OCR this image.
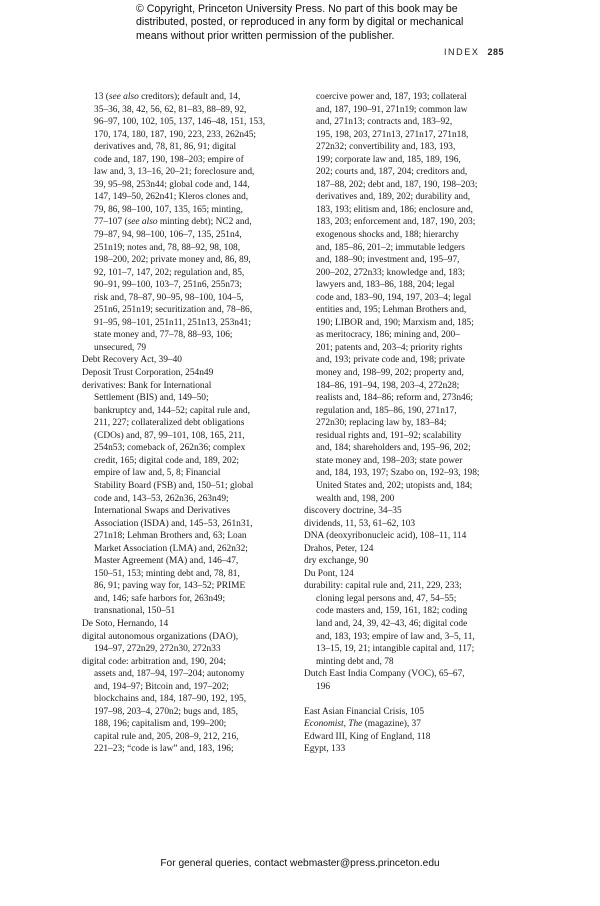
© Copyright, Princeton University Press. No part of this book may be distributed, posted, or reproduced in any form by digital or mechanical means without prior written permission of the publisher.
INDEX 285
13 (see also creditors); default and, 14,
35–36, 38, 42, 56, 62, 81–83, 88–89, 92,
96–97, 100, 102, 105, 137, 146–48, 151, 153,
170, 174, 180, 187, 190, 223, 233, 262n45;
derivatives and, 78, 81, 86, 91; digital
code and, 187, 190, 198–203; empire of
law and, 3, 13–16, 20–21; foreclosure and,
39, 95–98, 253n44; global code and, 144,
147, 149–50, 262n41; Kleros clones and,
79, 86, 98–100, 107, 135, 165; minting,
77–107 (see also minting debt); NC2 and,
79–87, 94, 98–100, 106–7, 135, 251n4,
251n19; notes and, 78, 88–92, 98, 108,
198–200, 202; private money and, 86, 89,
92, 101–7, 147, 202; regulation and, 85,
90–91, 99–100, 103–7, 251n6, 255n73;
risk and, 78–87, 90–95, 98–100, 104–5,
251n6, 251n19; securitization and, 78–86,
91–95, 98–101, 251n11, 251n13, 253n41;
state money and, 77–78, 88–93, 106;
unsecured, 79
Debt Recovery Act, 39–40
Deposit Trust Corporation, 254n49
derivatives: Bank for International
Settlement (BIS) and, 149–50;
bankruptcy and, 144–52; capital rule and,
211, 227; collateralized debt obligations
(CDOs) and, 87, 99–101, 108, 165, 211,
254n53; comeback of, 262n36; complex
credit, 165; digital code and, 189, 202;
empire of law and, 5, 8; Financial
Stability Board (FSB) and, 150–51; global
code and, 143–53, 262n36, 263n49;
International Swaps and Derivatives
Association (ISDA) and, 145–53, 261n31,
271n18; Lehman Brothers and, 63; Loan
Market Association (LMA) and, 262n32;
Master Agreement (MA) and, 146–47,
150–51, 153; minting debt and, 78, 81,
86, 91; paving way for, 143–52; PRIME
and, 146; safe harbors for, 263n49;
transnational, 150–51
De Soto, Hernando, 14
digital autonomous organizations (DAO),
194–97, 272n29, 272n30, 272n33
digital code: arbitration and, 190, 204;
assets and, 187–94, 197–204; autonomy
and, 194–97; Bitcoin and, 197–202;
blockchains and, 184, 187–90, 192, 195,
197–98, 203–4, 270n2; bugs and, 185,
188, 196; capitalism and, 199–200;
capital rule and, 205, 208–9, 212, 216,
221–23; “code is law” and, 183, 196;
coercive power and, 187, 193; collateral
and, 187, 190–91, 271n19; common law
and, 271n13; contracts and, 183–92,
195, 198, 203, 271n13, 271n17, 271n18,
272n32; convertibility and, 183, 193,
199; corporate law and, 185, 189, 196,
202; courts and, 187, 204; creditors and,
187–88, 202; debt and, 187, 190, 198–203;
derivatives and, 189, 202; durability and,
183, 193; elitism and, 186; enclosure and,
183, 203; enforcement and, 187, 190, 203;
exogenous shocks and, 188; hierarchy
and, 185–86, 201–2; immutable ledgers
and, 188–90; investment and, 195–97,
200–202, 272n33; knowledge and, 183;
lawyers and, 183–86, 188, 204; legal
code and, 183–90, 194, 197, 203–4; legal
entities and, 195; Lehman Brothers and,
190; LIBOR and, 190; Marxism and, 185;
as meritocracy, 186; mining and, 200–
201; patents and, 203–4; priority rights
and, 193; private code and, 198; private
money and, 198–99, 202; property and,
184–86, 191–94, 198, 203–4, 272n28;
realists and, 184–86; reform and, 273n46;
regulation and, 185–86, 190, 271n17,
272n30; replacing law by, 183–84;
residual rights and, 191–92; scalability
and, 184; shareholders and, 195–96, 202;
state money and, 198–203; state power
and, 184, 193, 197; Szabo on, 192–93, 198;
United States and, 202; utopists and, 184;
wealth and, 198, 200
discovery doctrine, 34–35
dividends, 11, 53, 61–62, 103
DNA (deoxyribonucleic acid), 108–11, 114
Drahos, Peter, 124
dry exchange, 90
Du Pont, 124
durability: capital rule and, 211, 229, 233;
cloning legal persons and, 47, 54–55;
code masters and, 159, 161, 182; coding
land and, 24, 39, 42–43, 46; digital code
and, 183, 193; empire of law and, 3–5, 11,
13–15, 19, 21; intangible capital and, 117;
minting debt and, 78
Dutch East India Company (VOC), 65–67,
196
East Asian Financial Crisis, 105
Economist, The (magazine), 37
Edward III, King of England, 118
Egypt, 133
For general queries, contact webmaster@press.princeton.edu
